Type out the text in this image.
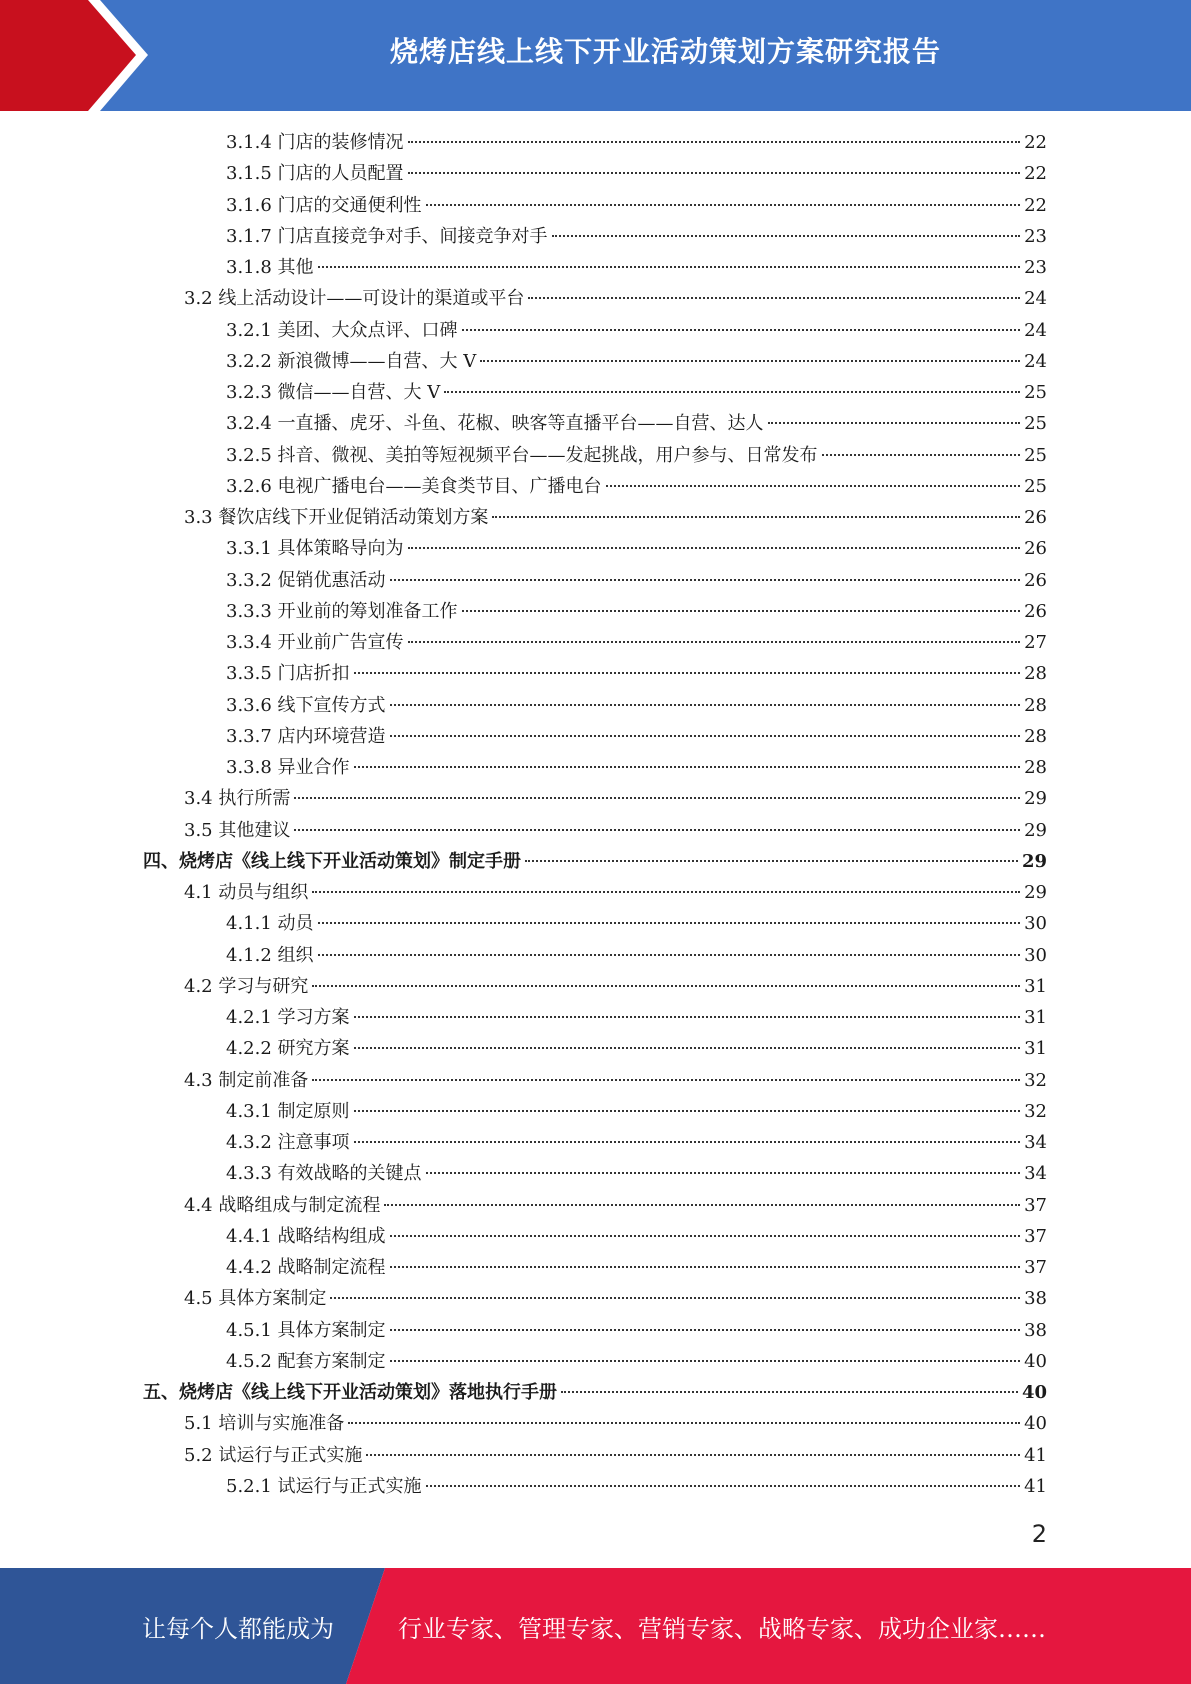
烧烤店线上线下开业活动策划方案研究报告
3.1.4 门店的装修情况	22
3.1.5 门店的人员配置	22
3.1.6 门店的交通便利性	22
3.1.7 门店直接竞争对手、间接竞争对手	23
3.1.8 其他	23
3.2 线上活动设计——可设计的渠道或平台	24
3.2.1 美团、大众点评、口碑	24
3.2.2 新浪微博——自营、大 V	24
3.2.3 微信——自营、大 V	25
3.2.4 一直播、虎牙、斗鱼、花椒、映客等直播平台——自营、达人	25
3.2.5 抖音、微视、美拍等短视频平台——发起挑战，用户参与、日常发布	25
3.2.6 电视广播电台——美食类节目、广播电台	25
3.3 餐饮店线下开业促销活动策划方案	26
3.3.1 具体策略导向为	26
3.3.2 促销优惠活动	26
3.3.3 开业前的筹划准备工作	26
3.3.4 开业前广告宣传	27
3.3.5 门店折扣	28
3.3.6 线下宣传方式	28
3.3.7 店内环境营造	28
3.3.8 异业合作	28
3.4 执行所需	29
3.5 其他建议	29
四、烧烤店《线上线下开业活动策划》制定手册	29
4.1 动员与组织	29
4.1.1 动员	30
4.1.2 组织	30
4.2 学习与研究	31
4.2.1 学习方案	31
4.2.2 研究方案	31
4.3 制定前准备	32
4.3.1 制定原则	32
4.3.2 注意事项	34
4.3.3 有效战略的关键点	34
4.4 战略组成与制定流程	37
4.4.1 战略结构组成	37
4.4.2 战略制定流程	37
4.5 具体方案制定	38
4.5.1 具体方案制定	38
4.5.2 配套方案制定	40
五、烧烤店《线上线下开业活动策划》落地执行手册	40
5.1 培训与实施准备	40
5.2 试运行与正式实施	41
5.2.1 试运行与正式实施	41
2
让每个人都能成为	行业专家、管理专家、营销专家、战略专家、成功企业家……
